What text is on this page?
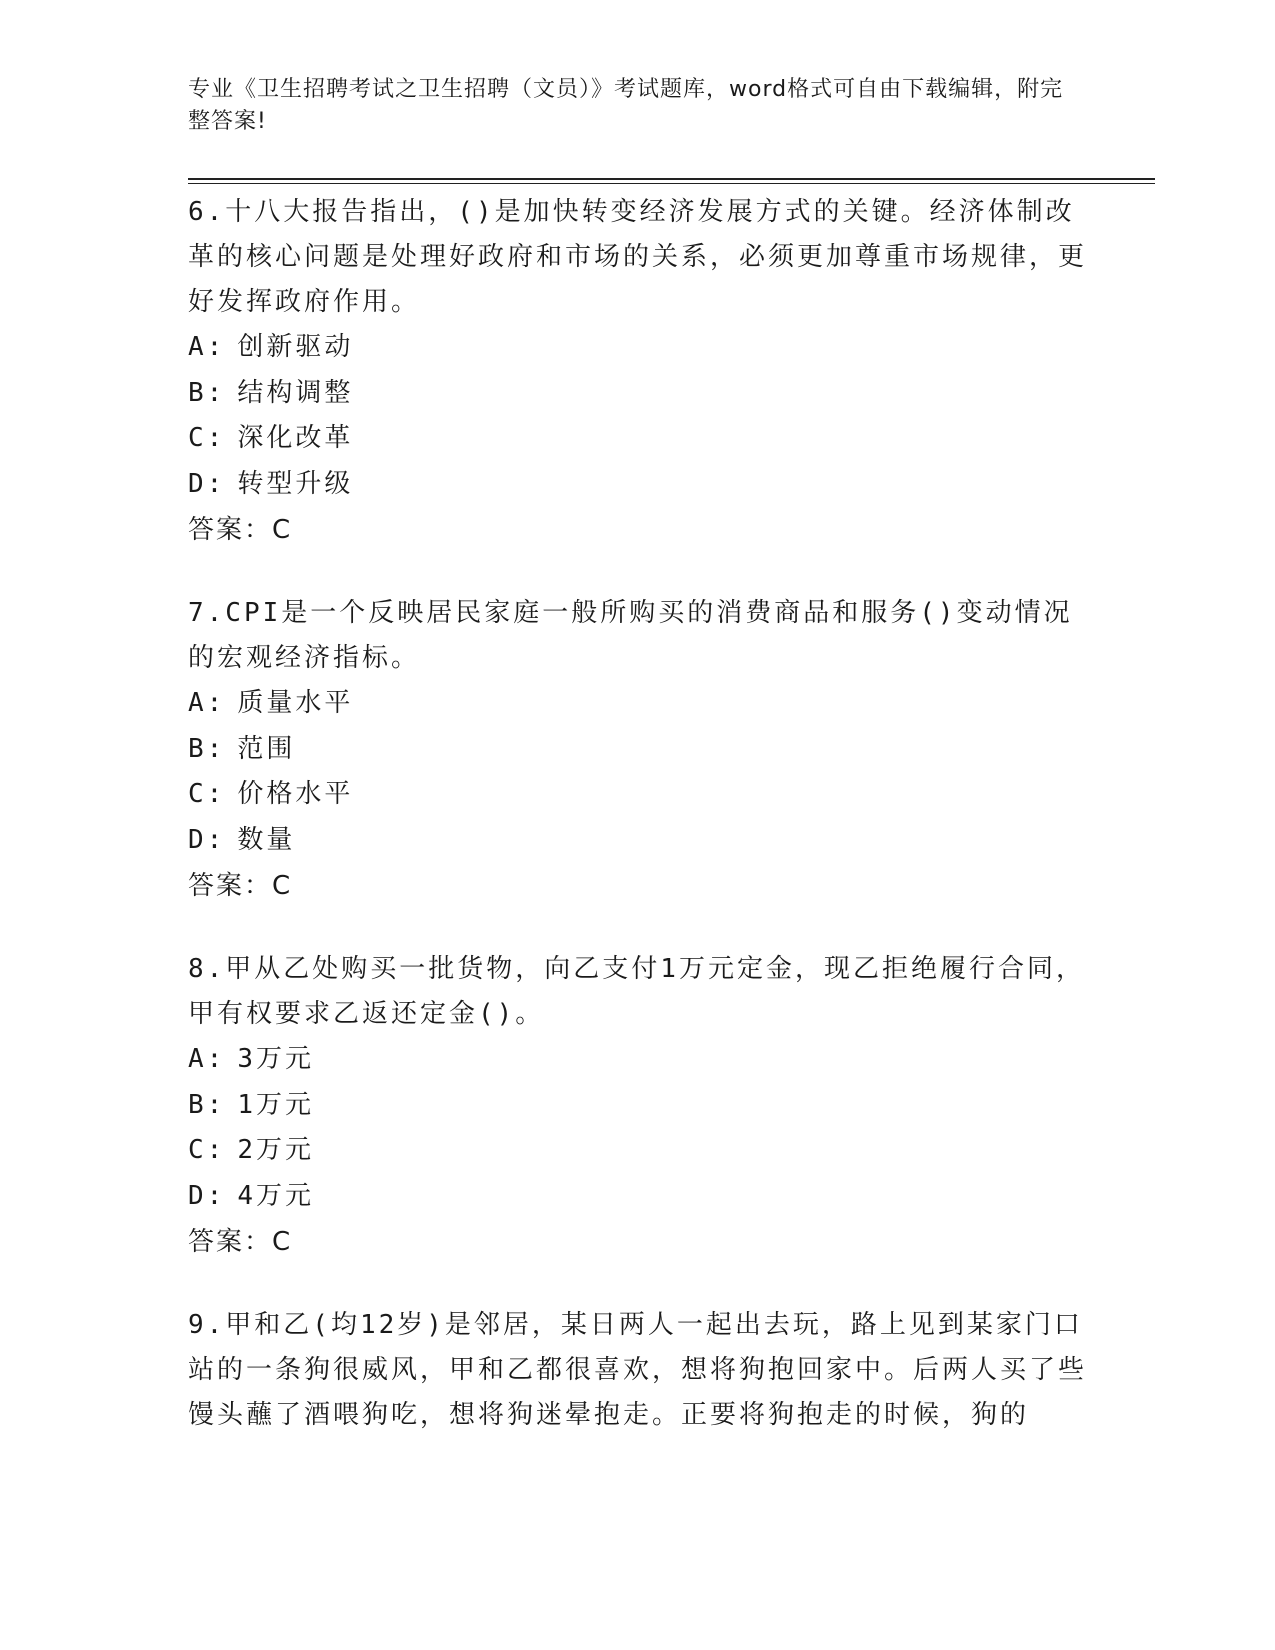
专业《卫生招聘考试之卫生招聘（文员）》考试题库，word格式可自由下载编辑，附完整答案!

6.十八大报告指出，()是加快转变经济发展方式的关键。经济体制改革的核心问题是处理好政府和市场的关系，必须更加尊重市场规律，更好发挥政府作用。

A: 创新驱动

B: 结构调整

C: 深化改革

D: 转型升级

答案：C

7.CPI是一个反映居民家庭一般所购买的消费商品和服务()变动情况的宏观经济指标。

A: 质量水平

B: 范围

C: 价格水平

D: 数量

答案：C

8.甲从乙处购买一批货物，向乙支付1万元定金，现乙拒绝履行合同，甲有权要求乙返还定金()。

A: 3万元

B: 1万元

C: 2万元

D: 4万元

答案：C

9.甲和乙(均12岁)是邻居，某日两人一起出去玩，路上见到某家门口站的一条狗很威风，甲和乙都很喜欢，想将狗抱回家中。后两人买了些馒头蘸了酒喂狗吃，想将狗迷晕抱走。正要将狗抱走的时候，狗的
